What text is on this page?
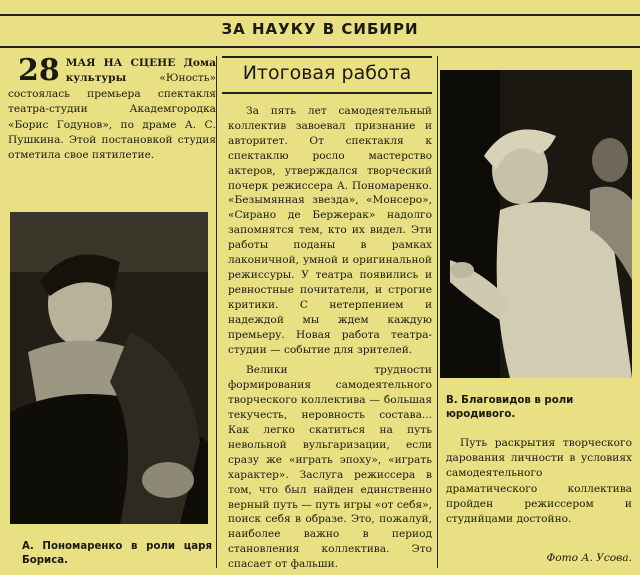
ЗА НАУКУ В СИБИРИ
28 МАЯ НА СЦЕНЕ Дома культуры	«Юность» состоялась премьера спектакля театра-студии Академгородка «Борис Годунов», по драме А. С. Пушкина. Этой постановкой студия отметила свое пятилетие.
А. Пономаренко в роли царя Бориса.
Итоговая работа

За пять лет самодеятельный коллектив завоевал признание и авторитет. От спектакля к спектаклю росло мастерство актеров, утверждался творческий почерк режиссера А. Пономаренко. «Безымянная звезда», «Монсеро», «Сирано де Бержерак» надолго запомнятся тем, кто их видел. Эти работы поданы в рамках лаконичной, умной и оригинальной режиссуры. У театра появились и ревностные почитатели, и строгие критики. С нетерпением и надеждой мы ждем каждую премьеру. Новая работа театра-студии — событие для зрителей.

Велики трудности формирования самодеятельного творческого коллектива — большая текучесть, неровность состава... Как легко скатиться на путь невольной вульгаризации, если сразу же «играть эпоху», «играть характер». Заслуга режиссера в том, что был найден единственно верный путь — путь игры «от себя», поиск себя в образе. Это, пожалуй, наиболее важно в период становления коллектива. Это спасает от фальши.

В. Благовидов в роли юродивого.

Путь раскрытия творческого дарования личности в условиях самодеятельного драматического коллектива пройден режиссером и студийцами достойно.

Фото А. Усова.
